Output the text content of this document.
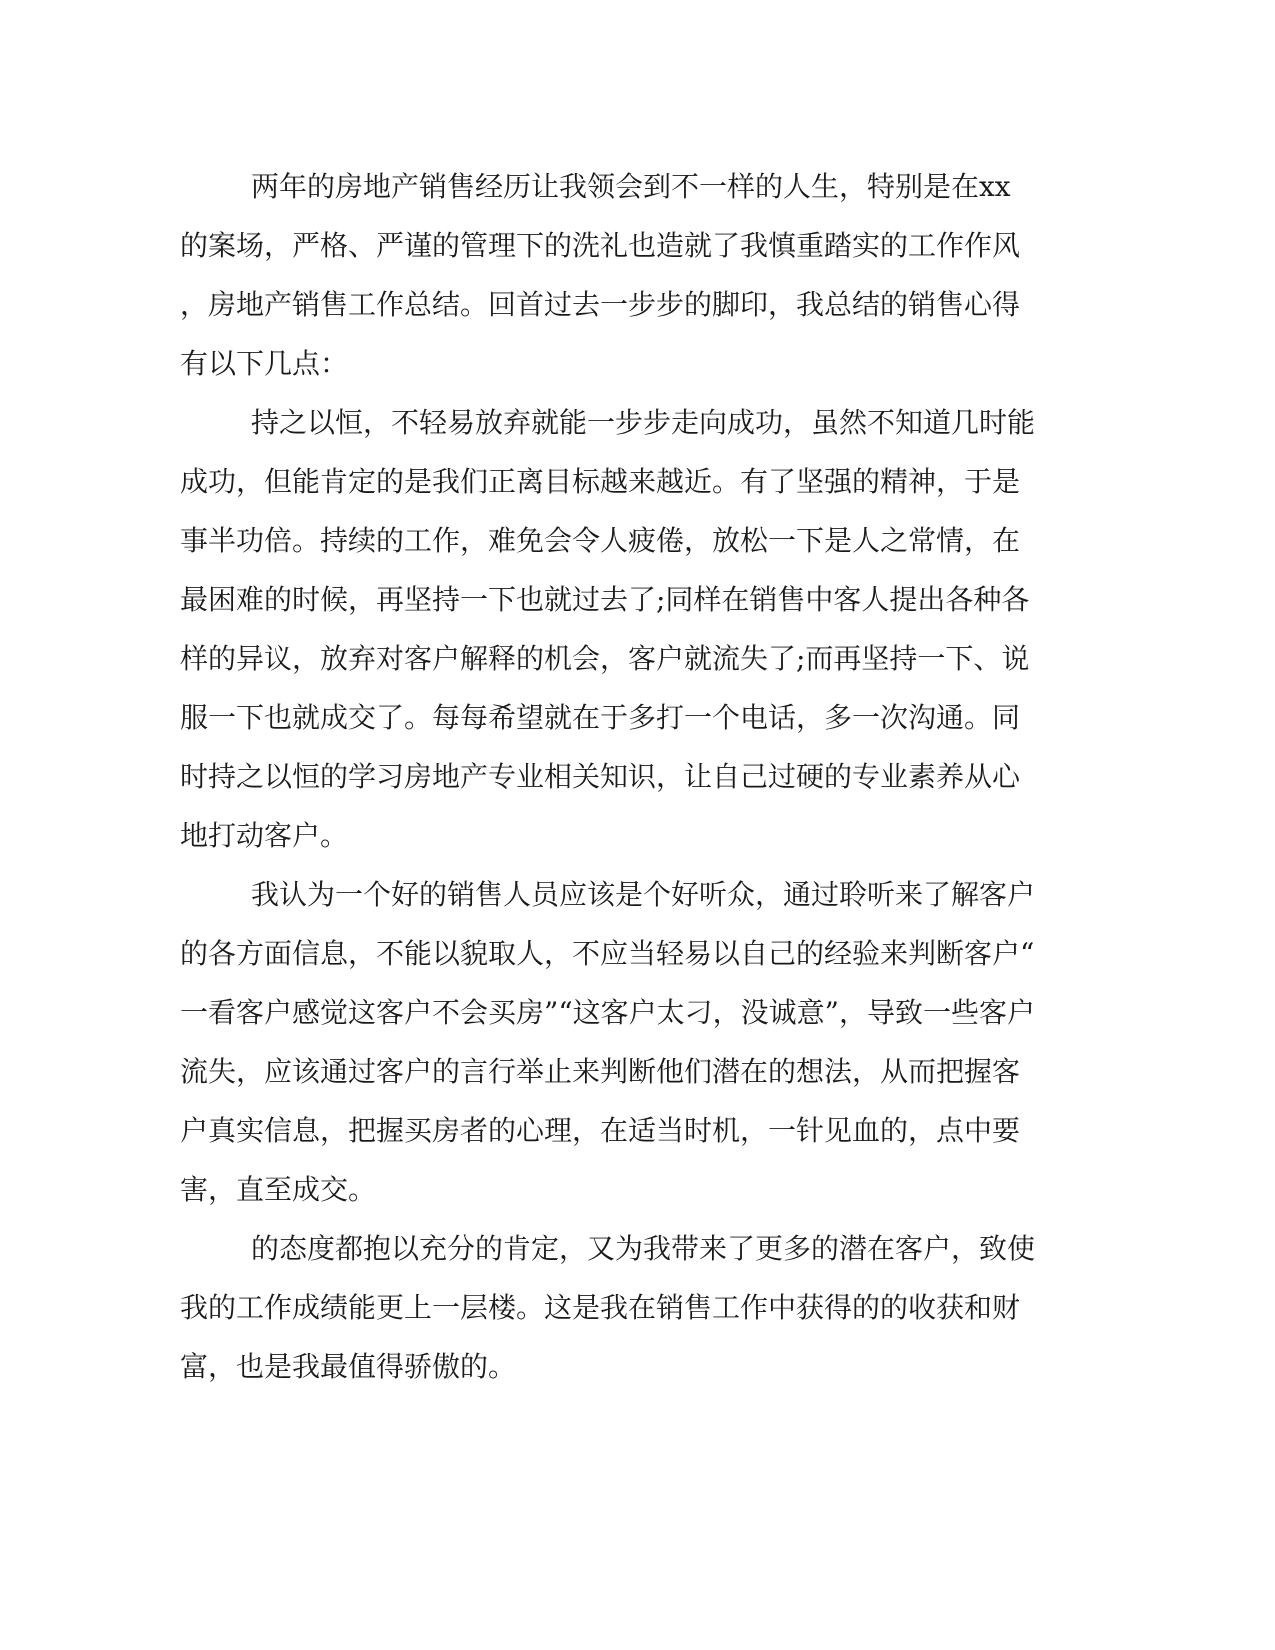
两年的房地产销售经历让我领会到不一样的人生，特别是在xx
的案场，严格、严谨的管理下的洗礼也造就了我慎重踏实的工作作风
，房地产销售工作总结。回首过去一步步的脚印，我总结的销售心得
有以下几点：
持之以恒，不轻易放弃就能一步步走向成功，虽然不知道几时能
成功，但能肯定的是我们正离目标越来越近。有了坚强的精神，于是
事半功倍。持续的工作，难免会令人疲倦，放松一下是人之常情，在
最困难的时候，再坚持一下也就过去了;同样在销售中客人提出各种各
样的异议，放弃对客户解释的机会，客户就流失了;而再坚持一下、说
服一下也就成交了。每每希望就在于多打一个电话，多一次沟通。同
时持之以恒的学习房地产专业相关知识，让自己过硬的专业素养从心
地打动客户。
我认为一个好的销售人员应该是个好听众，通过聆听来了解客户
的各方面信息，不能以貌取人，不应当轻易以自己的经验来判断客户“
一看客户感觉这客户不会买房”“这客户太刁，没诚意”，导致一些客户
流失，应该通过客户的言行举止来判断他们潜在的想法，从而把握客
户真实信息，把握买房者的心理，在适当时机，一针见血的，点中要
害，直至成交。
的态度都抱以充分的肯定，又为我带来了更多的潜在客户，致使
我的工作成绩能更上一层楼。这是我在销售工作中获得的的收获和财
富，也是我最值得骄傲的。
